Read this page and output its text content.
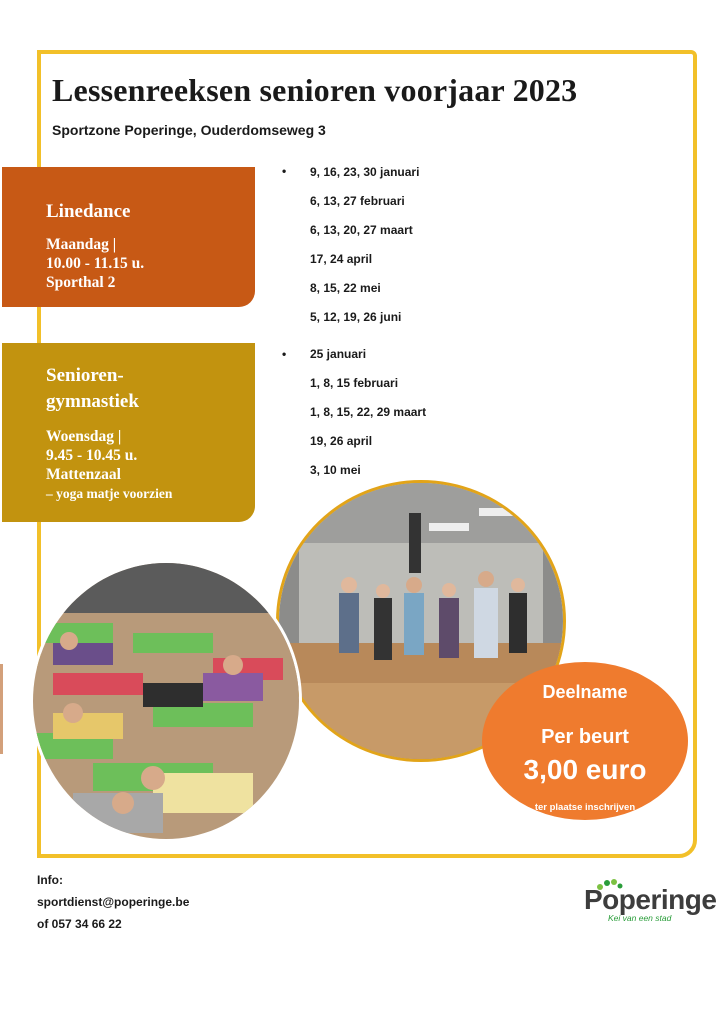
Lessenreeksen senioren voorjaar 2023
Sportzone Poperinge, Ouderdomseweg 3
Linedance
Maandag |
10.00 - 11.15 u.
Sporthal 2
Senioren-
gymnastiek
Woensdag |
9.45 - 10.45 u.
Mattenzaal
– yoga matje voorzien
• 9, 16, 23, 30 januari
6, 13, 27 februari
6, 13, 20, 27 maart
17, 24 april
8, 15, 22 mei
5, 12, 19, 26 juni
• 25 januari
1, 8, 15 februari
1, 8, 15, 22, 29 maart
19, 26 april
3, 10 mei
Deelname
Per beurt
3,00 euro
ter plaatse inschrijven
Info:
sportdienst@poperinge.be
of 057 34 66 22
Poperinge
Kei van een stad
